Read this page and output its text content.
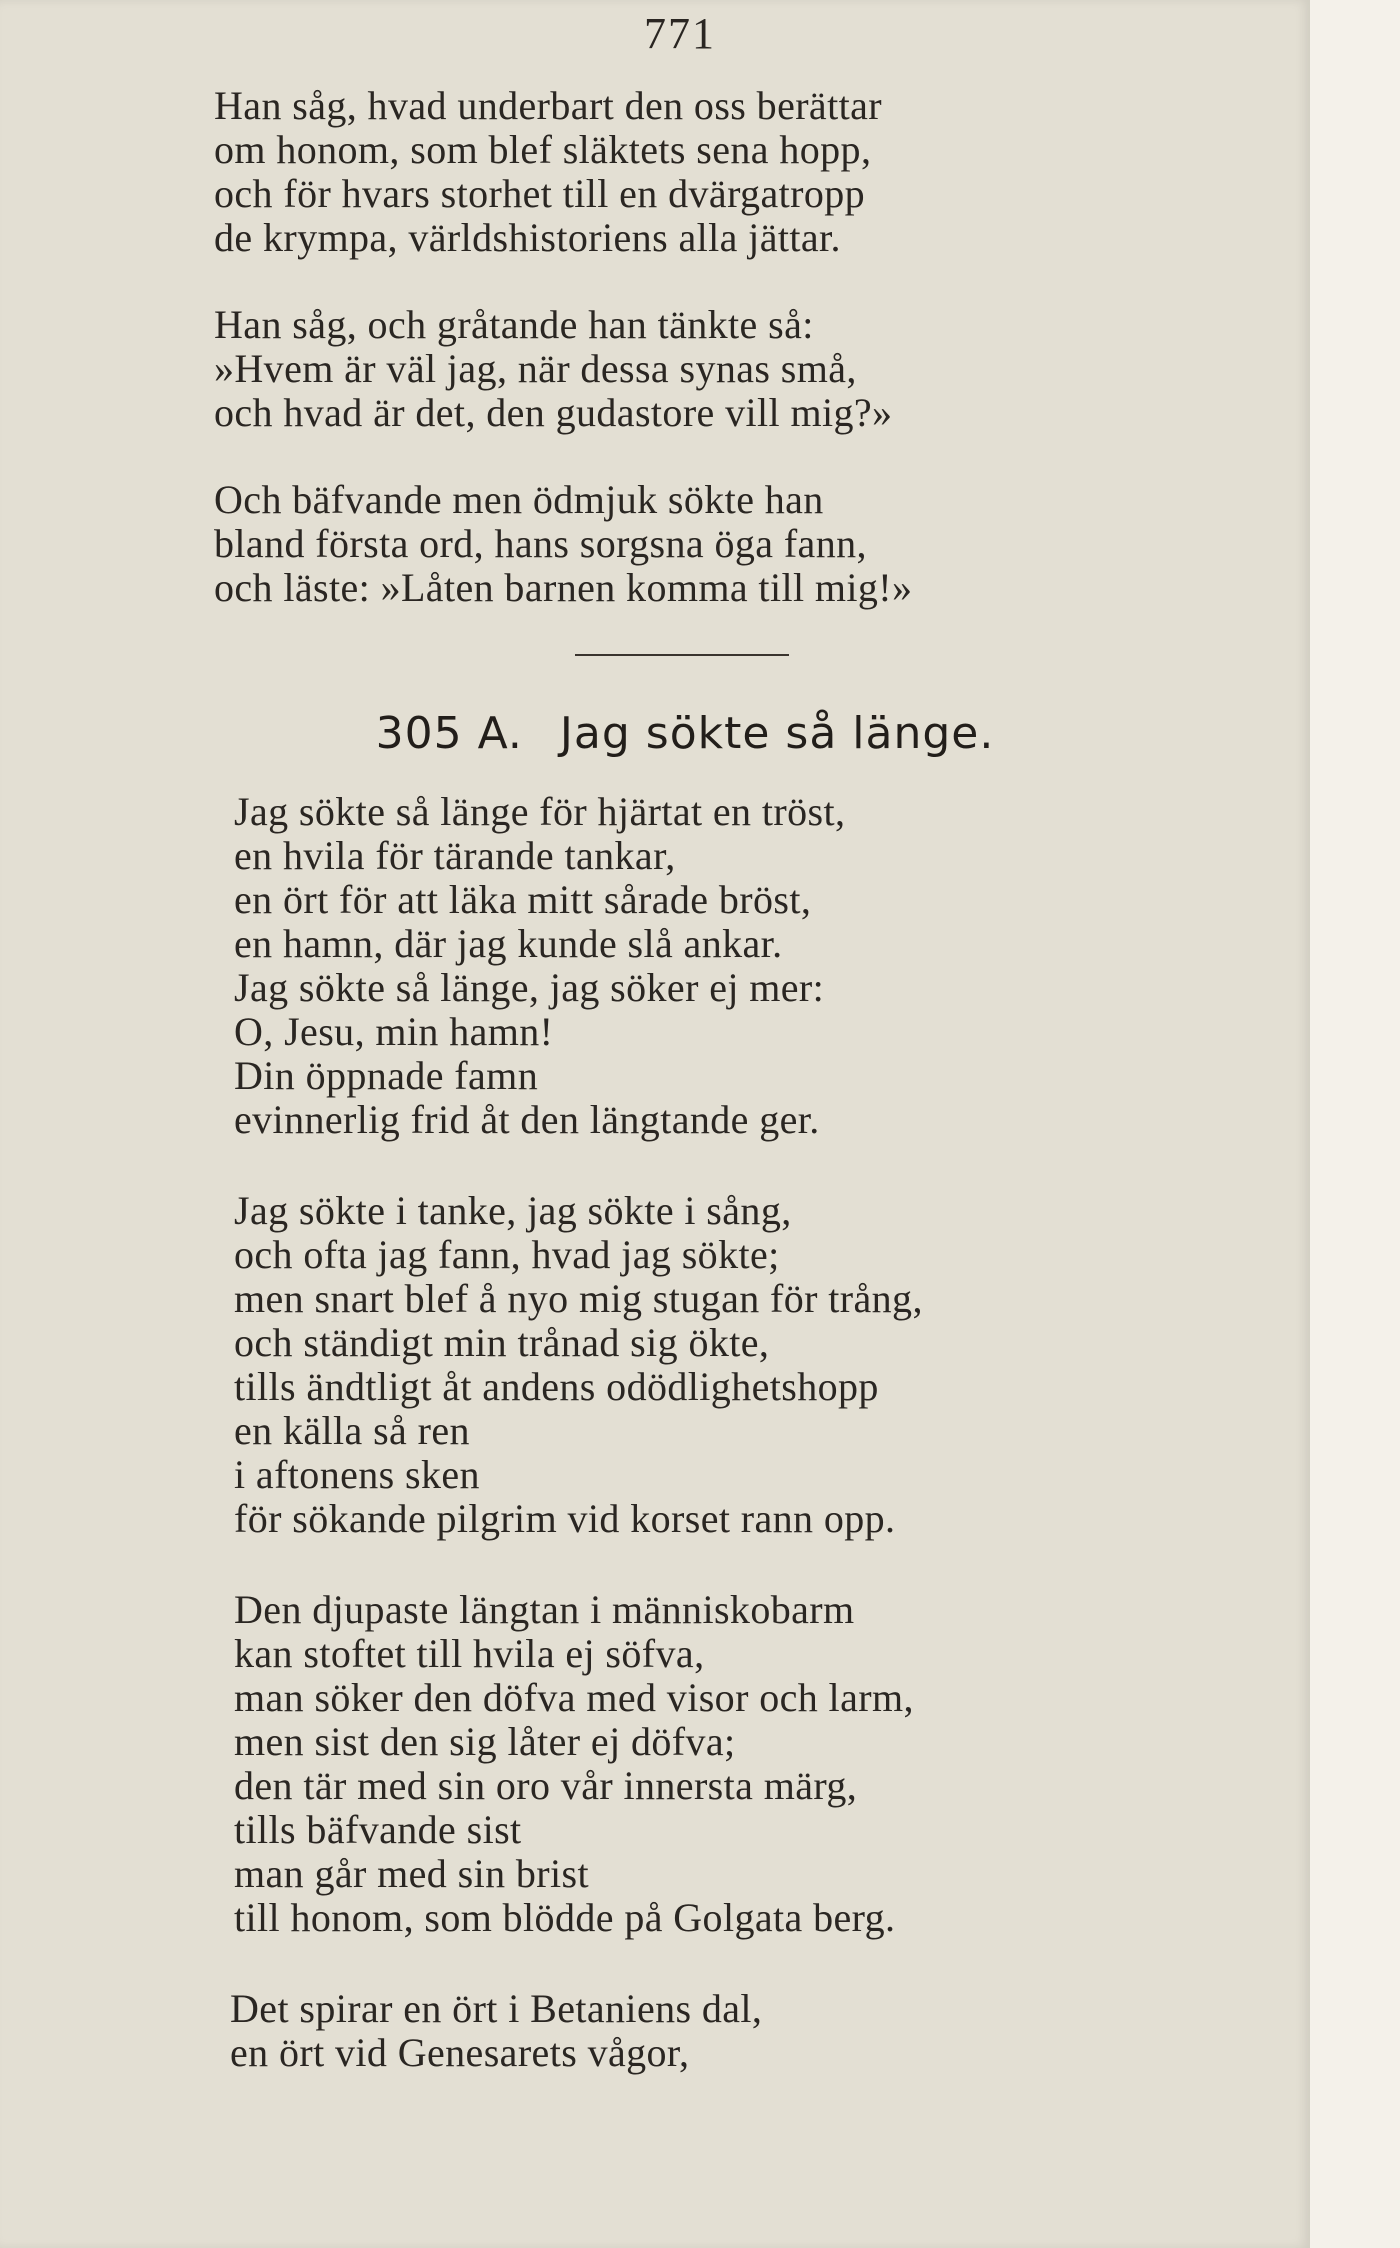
771
Han såg, hvad underbart den oss berättar
om honom, som blef släktets sena hopp,
och för hvars storhet till en dvärgatropp
de krympa, världshistoriens alla jättar.
Han såg, och gråtande han tänkte så:
»Hvem är väl jag, när dessa synas små,
och hvad är det, den gudastore vill mig?»
Och bäfvande men ödmjuk sökte han
bland första ord, hans sorgsna öga fann,
och läste: »Låten barnen komma till mig!»
305 A. Jag sökte så länge.
Jag sökte så länge för hjärtat en tröst,
en hvila för tärande tankar,
en ört för att läka mitt sårade bröst,
en hamn, där jag kunde slå ankar.
Jag sökte så länge, jag söker ej mer:
O, Jesu, min hamn!
Din öppnade famn
evinnerlig frid åt den längtande ger.
Jag sökte i tanke, jag sökte i sång,
och ofta jag fann, hvad jag sökte;
men snart blef å nyo mig stugan för trång,
och ständigt min trånad sig ökte,
tills ändtligt åt andens odödlighetshopp
en källa så ren
i aftonens sken
för sökande pilgrim vid korset rann opp.
Den djupaste längtan i människobarm
kan stoftet till hvila ej söfva,
man söker den döfva med visor och larm,
men sist den sig låter ej döfva;
den tär med sin oro vår innersta märg,
tills bäfvande sist
man går med sin brist
till honom, som blödde på Golgata berg.
Det spirar en ört i Betaniens dal,
en ört vid Genesarets vågor,
